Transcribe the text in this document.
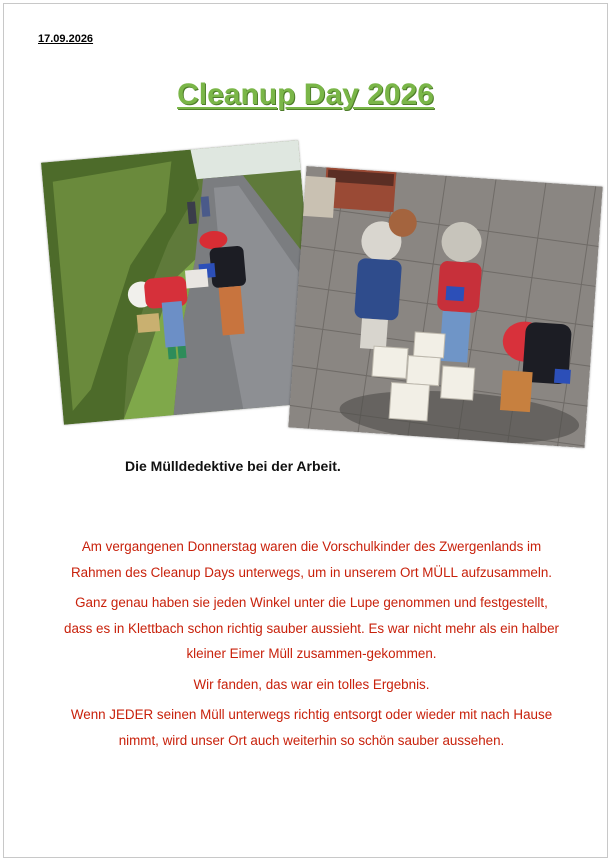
17.09.2026
Cleanup Day 2026
Die Mülldedektive bei der Arbeit.

Am vergangenen Donnerstag waren die Vorschulkinder des Zwergenlands im Rahmen des Cleanup Days unterwegs, um in unserem Ort MÜLL aufzusammeln.

Ganz genau haben sie jeden Winkel unter die Lupe genommen und festgestellt, dass es in Klettbach schon richtig sauber aussieht. Es war nicht mehr als ein halber kleiner Eimer Müll zusammen-gekommen.

Wir fanden, das war ein tolles Ergebnis.

Wenn JEDER seinen Müll unterwegs richtig entsorgt oder wieder mit nach Hause nimmt, wird unser Ort auch weiterhin so schön sauber aussehen.
